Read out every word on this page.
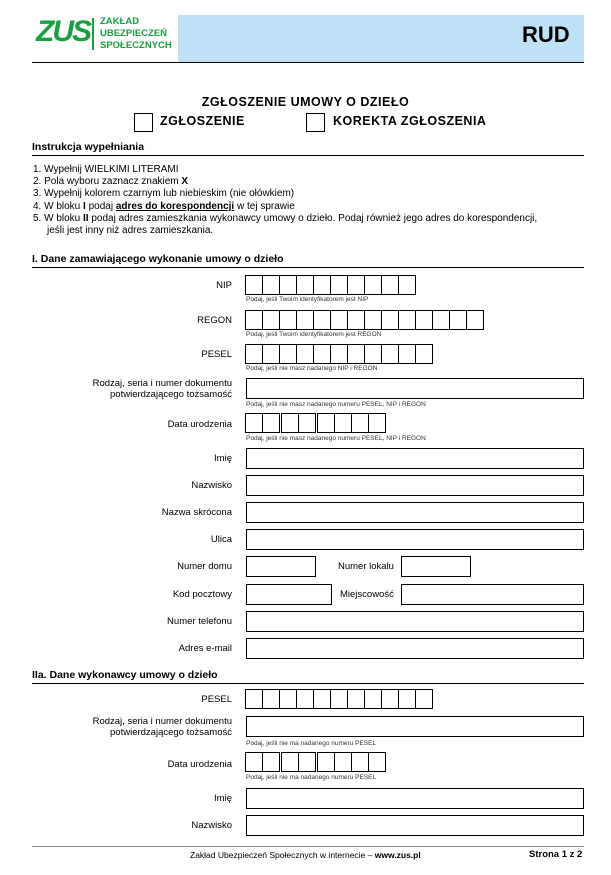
ZUS ZAKŁAD
UBEZPIECZEŃ
SPOŁECZNYCH	RUD
ZGŁOSZENIE UMOWY O DZIEŁO
ZGŁOSZENIE	KOREKTA ZGŁOSZENIA
Instrukcja wypełniania
1. Wypełnij WIELKIMI LITERAMI
2. Pola wyboru zaznacz znakiem X
3. Wypełnij kolorem czarnym lub niebieskim (nie ołówkiem)
4. W bloku I podaj adres do korespondencji w tej sprawie
5. W bloku II podaj adres zamieszkania wykonawcy umowy o dzieło. Podaj również jego adres do korespondencji,
jeśli jest inny niż adres zamieszkania.
I. Dane zamawiającego wykonanie umowy o dzieło
NIP
Podaj, jeśli Twoim identyfikatorem jest NIP
REGON
Podaj, jeśli Twoim identyfikatorem jest REGON
PESEL
Podaj, jeśli nie masz nadanego NIP i REGON
Rodzaj, seria i numer dokumentu
potwierdzającego tożsamość
Podaj, jeśli nie masz nadanego numeru PESEL, NIP i REGON
Data urodzenia
Podaj, jeśli nie masz nadanego numeru PESEL, NIP i REGON
Imię
Nazwisko
Nazwa skrócona
Ulica
Numer domu	Numer lokalu
Kod pocztowy	Miejscowość
Numer telefonu
Adres e-mail
IIa. Dane wykonawcy umowy o dzieło
PESEL
Rodzaj, seria i numer dokumentu
potwierdzającego tożsamość
Podaj, jeśli nie ma nadanego numeru PESEL
Data urodzenia
Podaj, jeśli nie ma nadanego numeru PESEL
Imię
Nazwisko
Zakład Ubezpieczeń Społecznych w internecie – www.zus.pl	Strona 1 z 2
